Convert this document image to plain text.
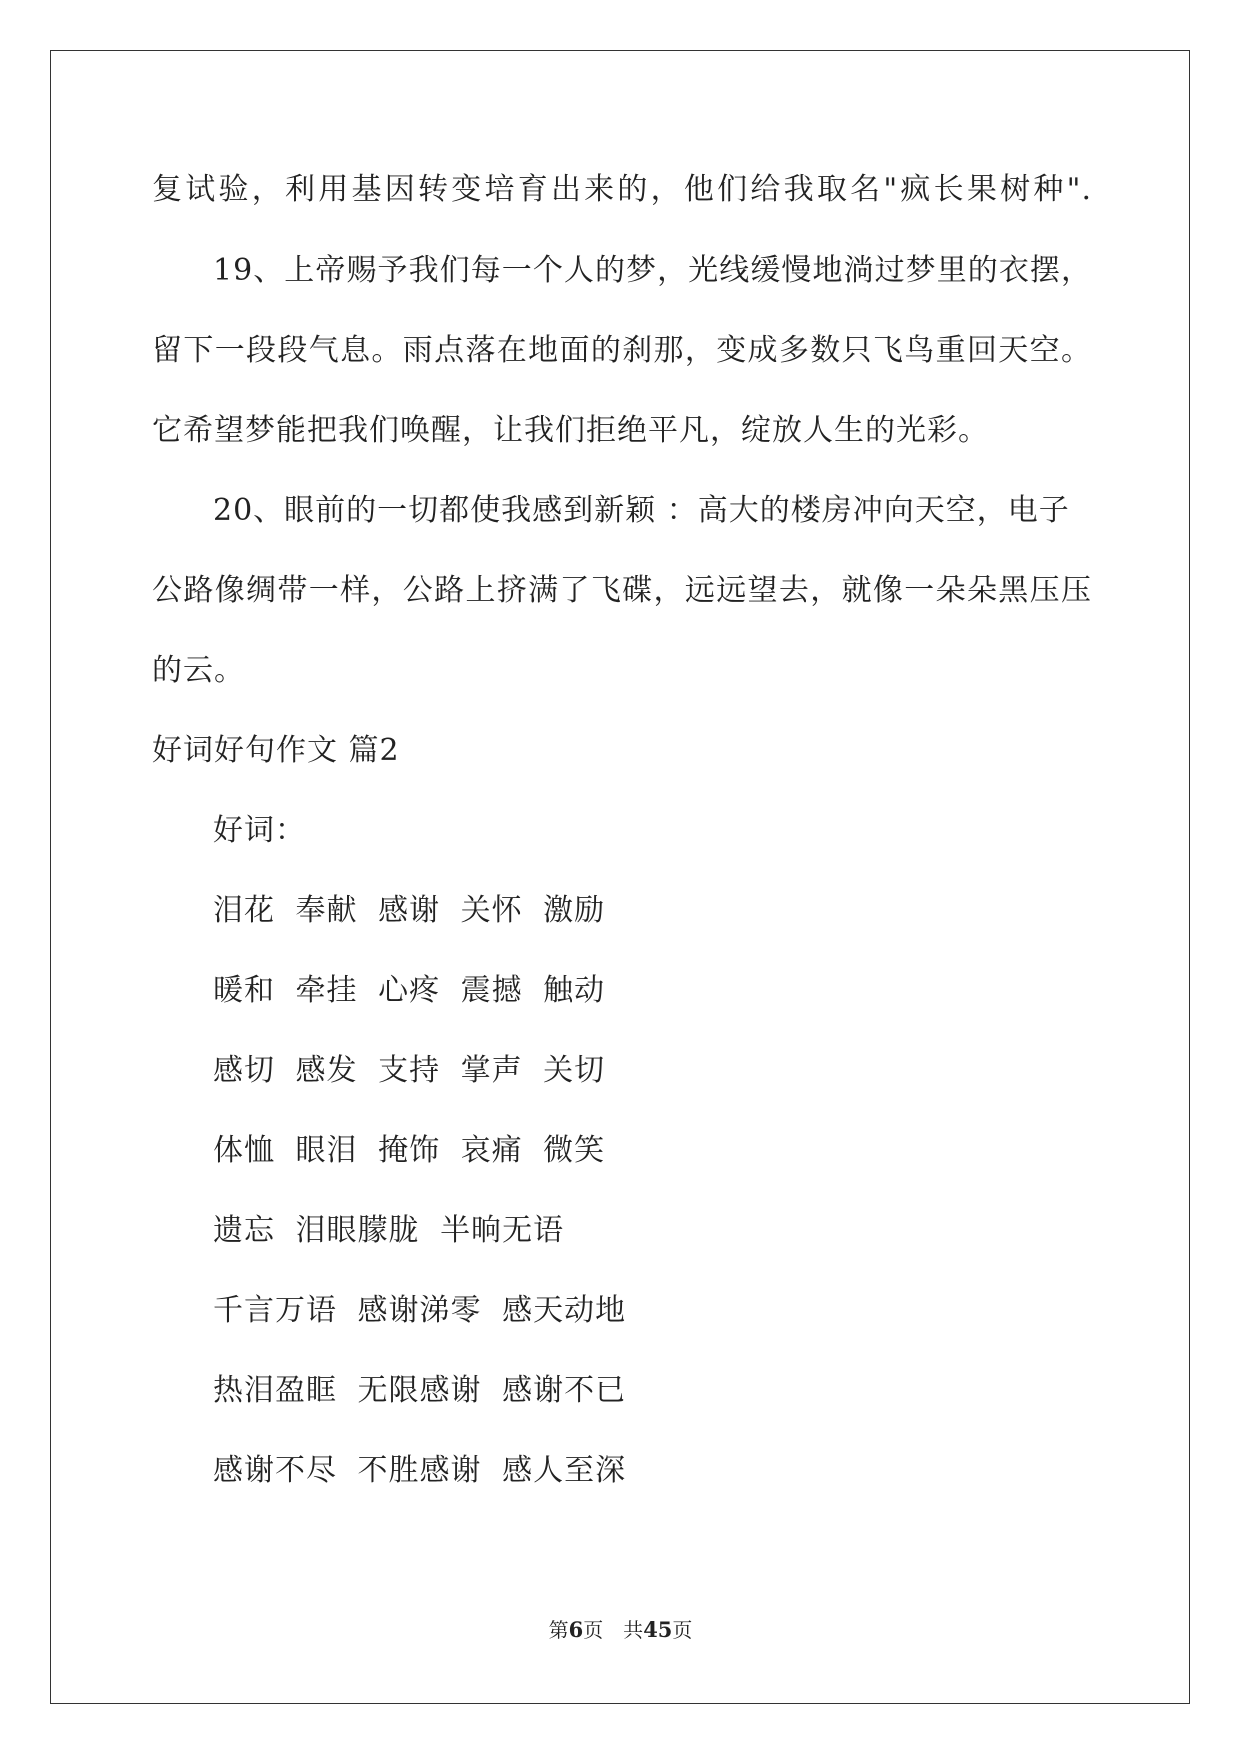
复试验，利用基因转变培育出来的，他们给我取名"疯长果树种".
19、上帝赐予我们每一个人的梦，光线缓慢地淌过梦里的衣摆，
留下一段段气息。雨点落在地面的刹那，变成多数只飞鸟重回天空。
它希望梦能把我们唤醒，让我们拒绝平凡，绽放人生的光彩。
20、眼前的一切都使我感到新颖 ：高大的楼房冲向天空，电子
公路像绸带一样，公路上挤满了飞碟，远远望去，就像一朵朵黑压压
的云。
好词好句作文 篇2
好词：
泪花 奉献 感谢 关怀 激励
暖和 牵挂 心疼 震撼 触动
感切 感发 支持 掌声 关切
体恤 眼泪 掩饰 哀痛 微笑
遗忘 泪眼朦胧 半晌无语
千言万语 感谢涕零 感天动地
热泪盈眶 无限感谢 感谢不已
感谢不尽 不胜感谢 感人至深
第6页　共45页
